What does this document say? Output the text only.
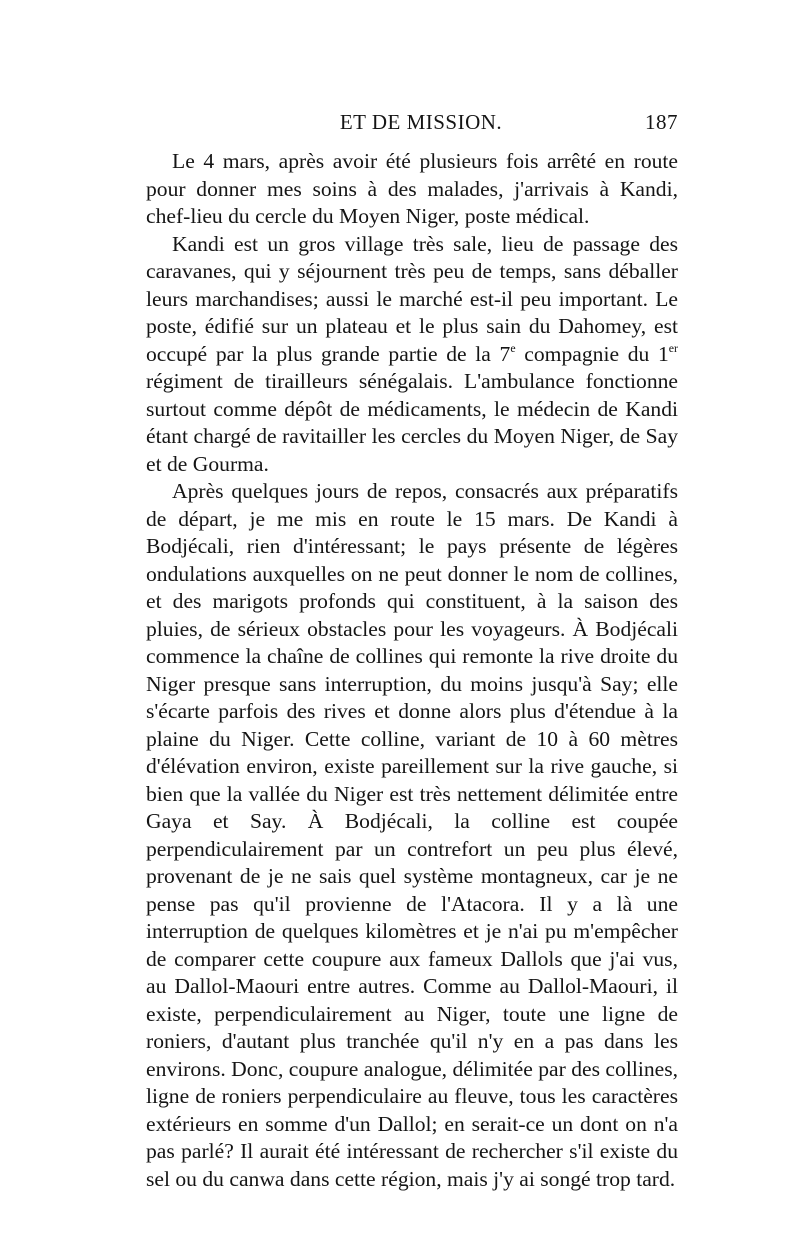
ET DE MISSION.	187

Le 4 mars, après avoir été plusieurs fois arrêté en route pour donner mes soins à des malades, j'arrivais à Kandi, chef-lieu du cercle du Moyen Niger, poste médical.

Kandi est un gros village très sale, lieu de passage des caravanes, qui y séjournent très peu de temps, sans déballer leurs marchandises; aussi le marché est-il peu important. Le poste, édifié sur un plateau et le plus sain du Dahomey, est occupé par la plus grande partie de la 7e compagnie du 1er régiment de tirailleurs sénégalais. L'ambulance fonctionne surtout comme dépôt de médicaments, le médecin de Kandi étant chargé de ravitailler les cercles du Moyen Niger, de Say et de Gourma.

Après quelques jours de repos, consacrés aux préparatifs de départ, je me mis en route le 15 mars. De Kandi à Bodjécali, rien d'intéressant; le pays présente de légères ondulations auxquelles on ne peut donner le nom de collines, et des marigots profonds qui constituent, à la saison des pluies, de sérieux obstacles pour les voyageurs. À Bodjécali commence la chaîne de collines qui remonte la rive droite du Niger presque sans interruption, du moins jusqu'à Say; elle s'écarte parfois des rives et donne alors plus d'étendue à la plaine du Niger. Cette colline, variant de 10 à 60 mètres d'élévation environ, existe pareillement sur la rive gauche, si bien que la vallée du Niger est très nettement délimitée entre Gaya et Say. À Bodjécali, la colline est coupée perpendiculairement par un contrefort un peu plus élevé, provenant de je ne sais quel système montagneux, car je ne pense pas qu'il provienne de l'Atacora. Il y a là une interruption de quelques kilomètres et je n'ai pu m'empêcher de comparer cette coupure aux fameux Dallols que j'ai vus, au Dallol-Maouri entre autres. Comme au Dallol-Maouri, il existe, perpendiculairement au Niger, toute une ligne de roniers, d'autant plus tranchée qu'il n'y en a pas dans les environs. Donc, coupure analogue, délimitée par des collines, ligne de roniers perpendiculaire au fleuve, tous les caractères extérieurs en somme d'un Dallol; en serait-ce un dont on n'a pas parlé? Il aurait été intéressant de rechercher s'il existe du sel ou du canwa dans cette région, mais j'y ai songé trop tard.
